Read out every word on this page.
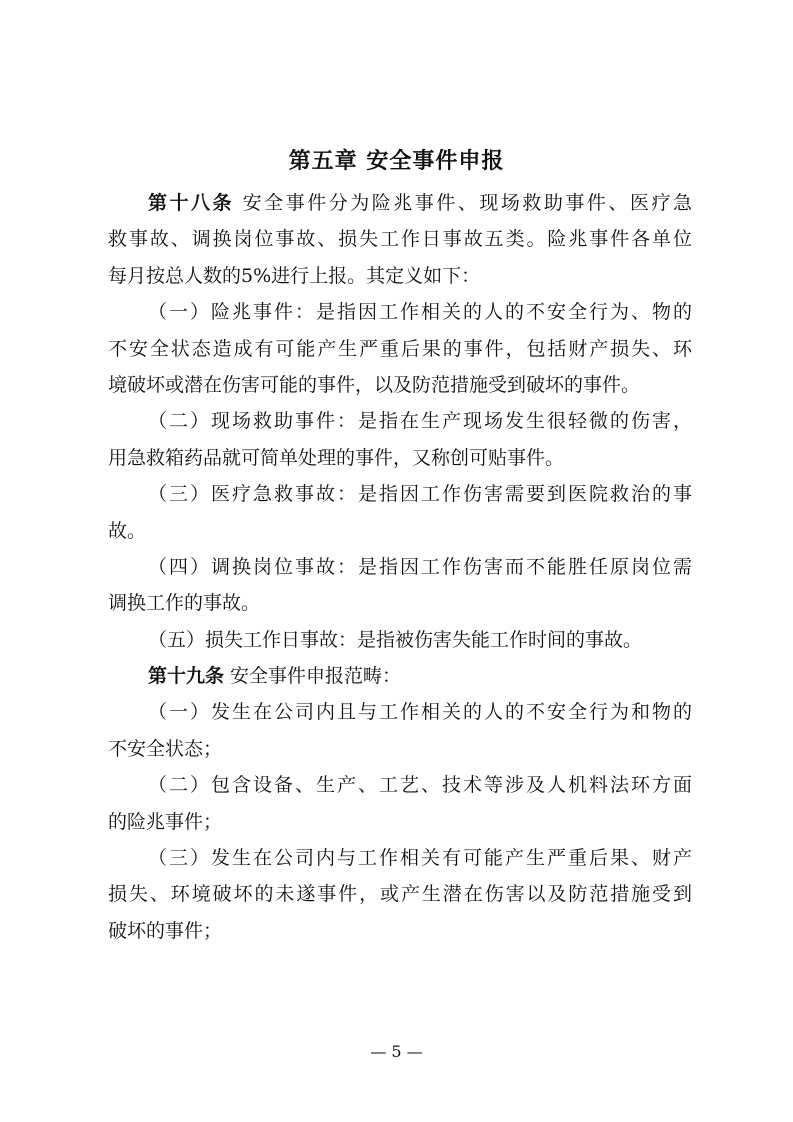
第五章 安全事件申报
第十八条 安全事件分为险兆事件、现场救助事件、医疗急
救事故、调换岗位事故、损失工作日事故五类。险兆事件各单位
每月按总人数的5%进行上报。其定义如下：
（一）险兆事件：是指因工作相关的人的不安全行为、物的
不安全状态造成有可能产生严重后果的事件，包括财产损失、环
境破坏或潜在伤害可能的事件，以及防范措施受到破坏的事件。
（二）现场救助事件：是指在生产现场发生很轻微的伤害，
用急救箱药品就可简单处理的事件，又称创可贴事件。
（三）医疗急救事故：是指因工作伤害需要到医院救治的事
故。
（四）调换岗位事故：是指因工作伤害而不能胜任原岗位需
调换工作的事故。
（五）损失工作日事故：是指被伤害失能工作时间的事故。
第十九条 安全事件申报范畴：
（一）发生在公司内且与工作相关的人的不安全行为和物的
不安全状态；
（二）包含设备、生产、工艺、技术等涉及人机料法环方面
的险兆事件；
（三）发生在公司内与工作相关有可能产生严重后果、财产
损失、环境破坏的未遂事件，或产生潜在伤害以及防范措施受到
破坏的事件；
— 5 —
